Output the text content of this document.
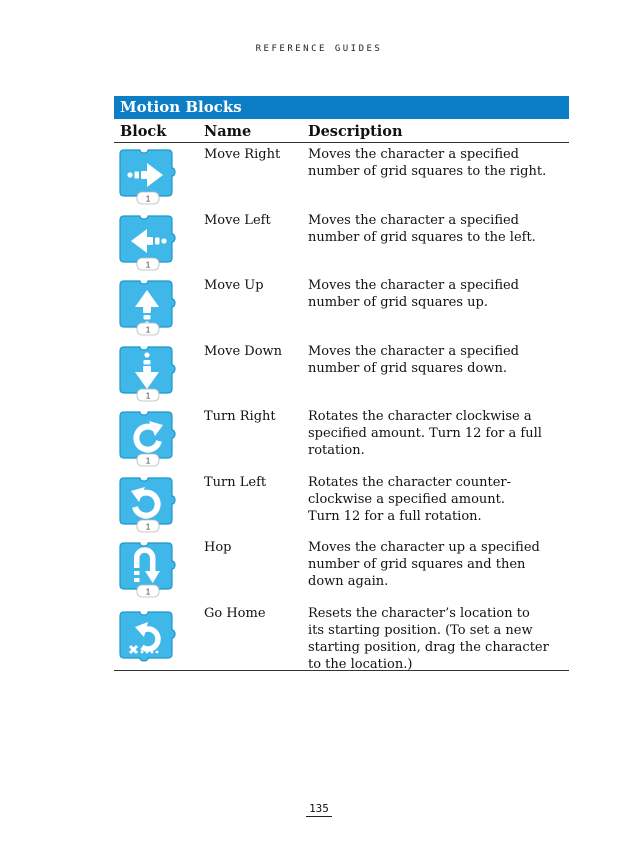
REFERENCE GUIDES
Motion Blocks
Block	Name	Description
1
Move Right	Moves the character a specified
number of grid squares to the right.
1
Move Left	Moves the character a specified
number of grid squares to the left.
1
Move Up	Moves the character a specified
number of grid squares up.
1
Move Down	Moves the character a specified
number of grid squares down.
1
Turn Right	Rotates the character clockwise a
specified amount. Turn 12 for a full
rotation.
1
Turn Left	Rotates the character counter-
clockwise a specified amount.
Turn 12 for a full rotation.
1
Hop	Moves the character up a specified
number of grid squares and then
down again.
Go Home	Resets the character’s location to
its starting position. (To set a new
starting position, drag the character
to the location.)
135
